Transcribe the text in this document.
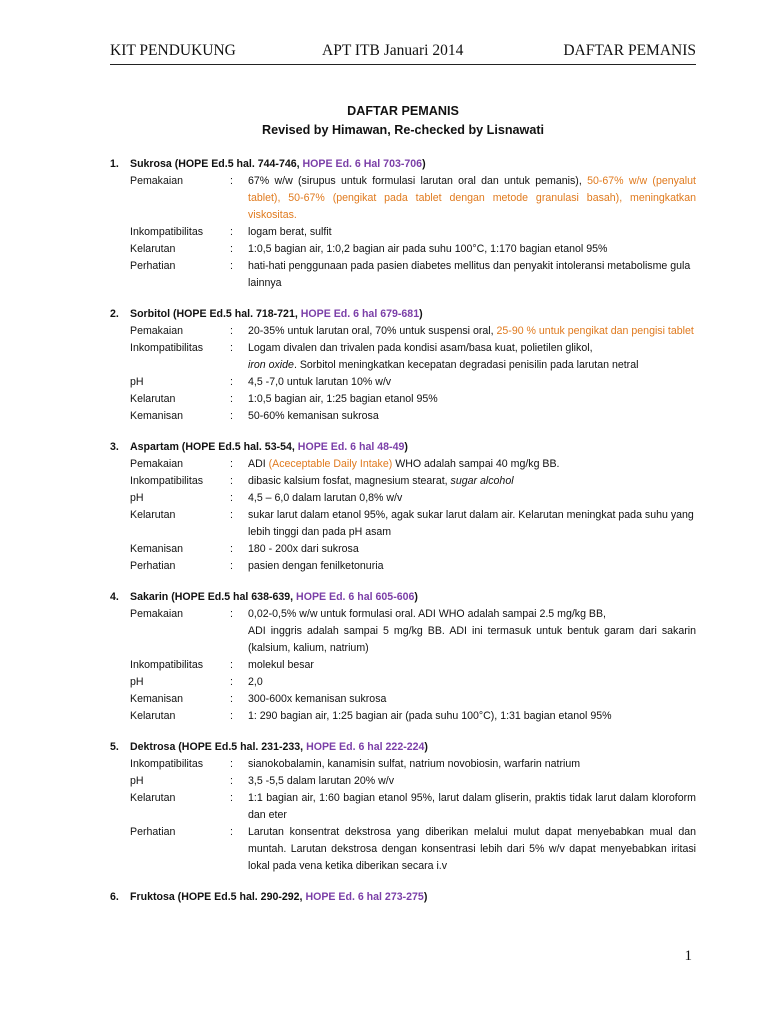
KIT PENDUKUNG	APT ITB Januari 2014	DAFTAR PEMANIS
DAFTAR PEMANIS
Revised by Himawan, Re-checked by Lisnawati
1.	Sukrosa (HOPE Ed.5 hal. 744-746, HOPE Ed. 6 Hal 703-706)
Pemakaian	:	67% w/w (sirupus untuk formulasi larutan oral dan untuk pemanis), 50-67% w/w (penyalut tablet), 50-67% (pengikat pada tablet dengan metode granulasi basah), meningkatkan viskositas.
Inkompatibilitas	:	logam berat, sulfit
Kelarutan	:	1:0,5 bagian air, 1:0,2 bagian air pada suhu 100°C, 1:170 bagian etanol 95%
Perhatian	:	hati-hati penggunaan pada pasien diabetes mellitus dan penyakit intoleransi metabolisme gula lainnya
2.	Sorbitol (HOPE Ed.5 hal. 718-721, HOPE Ed. 6 hal 679-681)
Pemakaian	:	20-35% untuk larutan oral, 70% untuk suspensi oral, 25-90 % untuk pengikat dan pengisi tablet
Inkompatibilitas	:	Logam divalen dan trivalen pada kondisi asam/basa kuat, polietilen glikol,
iron oxide. Sorbitol meningkatkan kecepatan degradasi penisilin pada larutan netral
pH	:	4,5 -7,0 untuk larutan 10% w/v
Kelarutan	:	1:0,5 bagian air, 1:25 bagian etanol 95%
Kemanisan	:	50-60% kemanisan sukrosa
3.	Aspartam (HOPE Ed.5 hal. 53-54, HOPE Ed. 6 hal 48-49)
Pemakaian	:	ADI (Aceceptable Daily Intake) WHO adalah sampai 40 mg/kg BB.
Inkompatibilitas	:	dibasic kalsium fosfat, magnesium stearat, sugar alcohol
pH	:	4,5 – 6,0 dalam larutan 0,8% w/v
Kelarutan	:	sukar larut dalam etanol 95%, agak sukar larut dalam air. Kelarutan meningkat pada suhu yang lebih tinggi dan pada pH asam
Kemanisan	:	180 - 200x dari sukrosa
Perhatian	:	pasien dengan fenilketonuria
4.	Sakarin (HOPE Ed.5 hal 638-639, HOPE Ed. 6 hal 605-606)
Pemakaian	:	0,02-0,5% w/w untuk formulasi oral. ADI WHO adalah sampai 2.5 mg/kg BB,
ADI inggris adalah sampai 5 mg/kg BB. ADI ini termasuk untuk bentuk garam dari sakarin (kalsium, kalium, natrium)
Inkompatibilitas	:	molekul besar
pH	:	2,0
Kemanisan	:	300-600x kemanisan sukrosa
Kelarutan	:	1: 290 bagian air, 1:25 bagian air (pada suhu 100°C), 1:31 bagian etanol 95%
5.	Dektrosa (HOPE Ed.5 hal. 231-233, HOPE Ed. 6 hal 222-224)
Inkompatibilitas	:	sianokobalamin, kanamisin sulfat, natrium novobiosin, warfarin natrium
pH	:	3,5 -5,5 dalam larutan 20% w/v
Kelarutan	:	1:1 bagian air, 1:60 bagian etanol 95%, larut dalam gliserin, praktis tidak larut dalam kloroform dan eter
Perhatian	:	Larutan konsentrat dekstrosa yang diberikan melalui mulut dapat menyebabkan mual dan muntah. Larutan dekstrosa dengan konsentrasi lebih dari 5% w/v dapat menyebabkan iritasi lokal pada vena ketika diberikan secara i.v
6.	Fruktosa (HOPE Ed.5 hal. 290-292, HOPE Ed. 6 hal 273-275)
1
